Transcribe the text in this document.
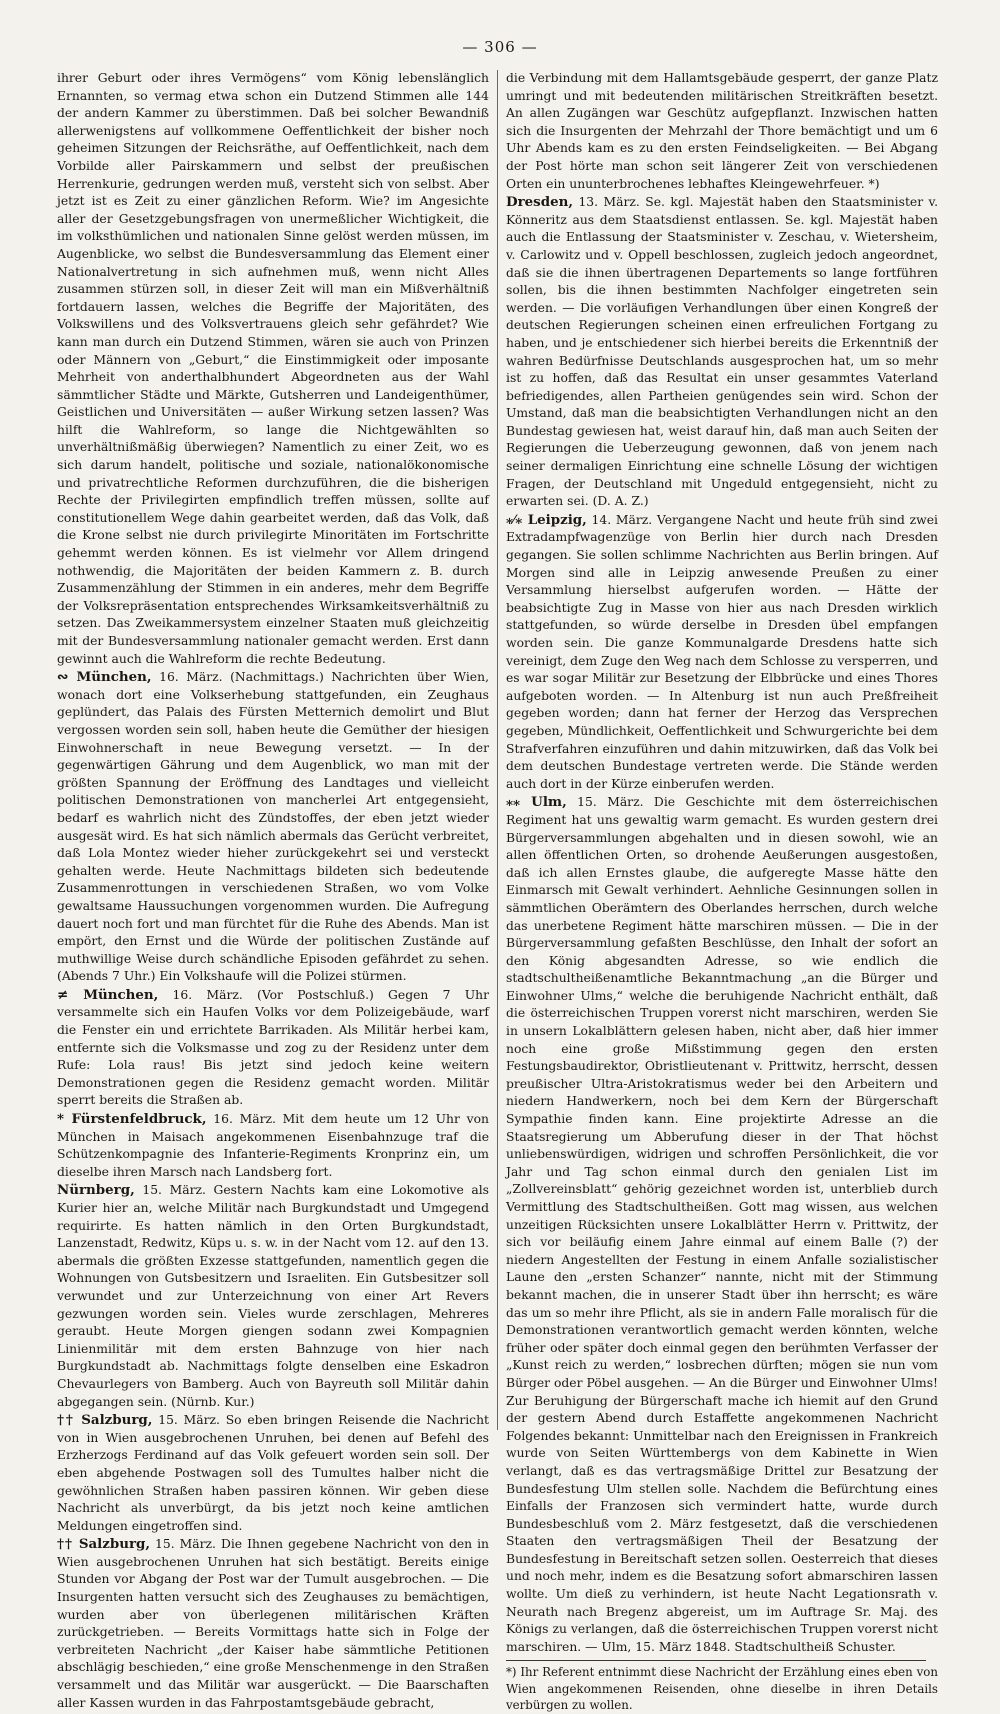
— 306 —

ihrer Geburt oder ihres Vermögens“ vom König lebenslänglich Ernannten, so vermag etwa schon ein Dutzend Stimmen alle 144 der andern Kammer zu überstimmen. Daß bei solcher Bewandniß allerwenigstens auf vollkommene Oeffentlichkeit der bisher noch geheimen Sitzungen der Reichsräthe, auf Oeffentlichkeit, nach dem Vorbilde aller Pairskammern und selbst der preußischen Herrenkurie, gedrungen werden muß, versteht sich von selbst. Aber jetzt ist es Zeit zu einer gänzlichen Reform. Wie? im Angesichte aller der Gesetzgebungsfragen von unermeßlicher Wichtigkeit, die im volksthümlichen und nationalen Sinne gelöst werden müssen, im Augenblicke, wo selbst die Bundesversammlung das Element einer Nationalvertretung in sich aufnehmen muß, wenn nicht Alles zusammen stürzen soll, in dieser Zeit will man ein Mißverhältniß fortdauern lassen, welches die Begriffe der Majoritäten, des Volkswillens und des Volksvertrauens gleich sehr gefährdet? Wie kann man durch ein Dutzend Stimmen, wären sie auch von Prinzen oder Männern von „Geburt,“ die Einstimmigkeit oder imposante Mehrheit von anderthalbhundert Abgeordneten aus der Wahl sämmtlicher Städte und Märkte, Gutsherren und Landeigenthümer, Geistlichen und Universitäten — außer Wirkung setzen lassen? Was hilft die Wahlreform, so lange die Nichtgewählten so unverhältnißmäßig überwiegen? Namentlich zu einer Zeit, wo es sich darum handelt, politische und soziale, nationalökonomische und privatrechtliche Reformen durchzuführen, die die bisherigen Rechte der Privilegirten empfindlich treffen müssen, sollte auf constitutionellem Wege dahin gearbeitet werden, daß das Volk, daß die Krone selbst nie durch privilegirte Minoritäten im Fortschritte gehemmt werden können. Es ist vielmehr vor Allem dringend nothwendig, die Majoritäten der beiden Kammern z. B. durch Zusammenzählung der Stimmen in ein anderes, mehr dem Begriffe der Volksrepräsentation entsprechendes Wirksamkeitsverhältniß zu setzen. Das Zweikammersystem einzelner Staaten muß gleichzeitig mit der Bundesversammlung nationaler gemacht werden. Erst dann gewinnt auch die Wahlreform die rechte Bedeutung.

∾ München, 16. März. (Nachmittags.) Nachrichten über Wien, wonach dort eine Volkserhebung stattgefunden, ein Zeughaus geplündert, das Palais des Fürsten Metternich demolirt und Blut vergossen worden sein soll, haben heute die Gemüther der hiesigen Einwohnerschaft in neue Bewegung versetzt. — In der gegenwärtigen Gährung und dem Augenblick, wo man mit der größten Spannung der Eröffnung des Landtages und vielleicht politischen Demonstrationen von mancherlei Art entgegensieht, bedarf es wahrlich nicht des Zündstoffes, der eben jetzt wieder ausgesät wird. Es hat sich nämlich abermals das Gerücht verbreitet, daß Lola Montez wieder hieher zurückgekehrt sei und versteckt gehalten werde. Heute Nachmittags bildeten sich bedeutende Zusammenrottungen in verschiedenen Straßen, wo vom Volke gewaltsame Haussuchungen vorgenommen wurden. Die Aufregung dauert noch fort und man fürchtet für die Ruhe des Abends. Man ist empört, den Ernst und die Würde der politischen Zustände auf muthwillige Weise durch schändliche Episoden gefährdet zu sehen. (Abends 7 Uhr.) Ein Volkshaufe will die Polizei stürmen.

≠ München, 16. März. (Vor Postschluß.) Gegen 7 Uhr versammelte sich ein Haufen Volks vor dem Polizeigebäude, warf die Fenster ein und errichtete Barrikaden. Als Militär herbei kam, entfernte sich die Volksmasse und zog zu der Residenz unter dem Rufe: Lola raus! Bis jetzt sind jedoch keine weitern Demonstrationen gegen die Residenz gemacht worden. Militär sperrt bereits die Straßen ab.

* Fürstenfeldbruck, 16. März. Mit dem heute um 12 Uhr von München in Maisach angekommenen Eisenbahnzuge traf die Schützenkompagnie des Infanterie-Regiments Kronprinz ein, um dieselbe ihren Marsch nach Landsberg fort.

Nürnberg, 15. März. Gestern Nachts kam eine Lokomotive als Kurier hier an, welche Militär nach Burgkundstadt und Umgegend requirirte. Es hatten nämlich in den Orten Burgkundstadt, Lanzenstadt, Redwitz, Küps u. s. w. in der Nacht vom 12. auf den 13. abermals die größten Exzesse stattgefunden, namentlich gegen die Wohnungen von Gutsbesitzern und Israeliten. Ein Gutsbesitzer soll verwundet und zur Unterzeichnung von einer Art Revers gezwungen worden sein. Vieles wurde zerschlagen, Mehreres geraubt. Heute Morgen giengen sodann zwei Kompagnien Linienmilitär mit dem ersten Bahnzuge von hier nach Burgkundstadt ab. Nachmittags folgte denselben eine Eskadron Chevaurlegers von Bamberg. Auch von Bayreuth soll Militär dahin abgegangen sein. (Nürnb. Kur.)

†† Salzburg, 15. März. So eben bringen Reisende die Nachricht von in Wien ausgebrochenen Unruhen, bei denen auf Befehl des Erzherzogs Ferdinand auf das Volk gefeuert worden sein soll. Der eben abgehende Postwagen soll des Tumultes halber nicht die gewöhnlichen Straßen haben passiren können. Wir geben diese Nachricht als unverbürgt, da bis jetzt noch keine amtlichen Meldungen eingetroffen sind.

†† Salzburg, 15. März. Die Ihnen gegebene Nachricht von den in Wien ausgebrochenen Unruhen hat sich bestätigt. Bereits einige Stunden vor Abgang der Post war der Tumult ausgebrochen. — Die Insurgenten hatten versucht sich des Zeughauses zu bemächtigen, wurden aber von überlegenen militärischen Kräften zurückgetrieben. — Bereits Vormittags hatte sich in Folge der verbreiteten Nachricht „der Kaiser habe sämmtliche Petitionen abschlägig beschieden,“ eine große Menschenmenge in den Straßen versammelt und das Militär war ausgerückt. — Die Baarschaften aller Kassen wurden in das Fahrpostamtsgebäude gebracht,

die Verbindung mit dem Hallamtsgebäude gesperrt, der ganze Platz umringt und mit bedeutenden militärischen Streitkräften besetzt. An allen Zugängen war Geschütz aufgepflanzt. Inzwischen hatten sich die Insurgenten der Mehrzahl der Thore bemächtigt und um 6 Uhr Abends kam es zu den ersten Feindseligkeiten. — Bei Abgang der Post hörte man schon seit längerer Zeit von verschiedenen Orten ein ununterbrochenes lebhaftes Kleingewehrfeuer. *)

Dresden, 13. März. Se. kgl. Majestät haben den Staatsminister v. Könneritz aus dem Staatsdienst entlassen. Se. kgl. Majestät haben auch die Entlassung der Staatsminister v. Zeschau, v. Wietersheim, v. Carlowitz und v. Oppell beschlossen, zugleich jedoch angeordnet, daß sie die ihnen übertragenen Departements so lange fortführen sollen, bis die ihnen bestimmten Nachfolger eingetreten sein werden. — Die vorläufigen Verhandlungen über einen Kongreß der deutschen Regierungen scheinen einen erfreulichen Fortgang zu haben, und je entschiedener sich hierbei bereits die Erkenntniß der wahren Bedürfnisse Deutschlands ausgesprochen hat, um so mehr ist zu hoffen, daß das Resultat ein unser gesammtes Vaterland befriedigendes, allen Partheien genügendes sein wird. Schon der Umstand, daß man die beabsichtigten Verhandlungen nicht an den Bundestag gewiesen hat, weist darauf hin, daß man auch Seiten der Regierungen die Ueberzeugung gewonnen, daß von jenem nach seiner dermaligen Einrichtung eine schnelle Lösung der wichtigen Fragen, der Deutschland mit Ungeduld entgegensieht, nicht zu erwarten sei. (D. A. Z.)

⁎⁄⁎ Leipzig, 14. März. Vergangene Nacht und heute früh sind zwei Extradampfwagenzüge von Berlin hier durch nach Dresden gegangen. Sie sollen schlimme Nachrichten aus Berlin bringen. Auf Morgen sind alle in Leipzig anwesende Preußen zu einer Versammlung hierselbst aufgerufen worden. — Hätte der beabsichtigte Zug in Masse von hier aus nach Dresden wirklich stattgefunden, so würde derselbe in Dresden übel empfangen worden sein. Die ganze Kommunalgarde Dresdens hatte sich vereinigt, dem Zuge den Weg nach dem Schlosse zu versperren, und es war sogar Militär zur Besetzung der Elbbrücke und eines Thores aufgeboten worden. — In Altenburg ist nun auch Preßfreiheit gegeben worden; dann hat ferner der Herzog das Versprechen gegeben, Mündlichkeit, Oeffentlichkeit und Schwurgerichte bei dem Strafverfahren einzuführen und dahin mitzuwirken, daß das Volk bei dem deutschen Bundestage vertreten werde. Die Stände werden auch dort in der Kürze einberufen werden.

⁎⁎ Ulm, 15. März. Die Geschichte mit dem österreichischen Regiment hat uns gewaltig warm gemacht. Es wurden gestern drei Bürgerversammlungen abgehalten und in diesen sowohl, wie an allen öffentlichen Orten, so drohende Aeußerungen ausgestoßen, daß ich allen Ernstes glaube, die aufgeregte Masse hätte den Einmarsch mit Gewalt verhindert. Aehnliche Gesinnungen sollen in sämmtlichen Oberämtern des Oberlandes herrschen, durch welche das unerbetene Regiment hätte marschiren müssen. — Die in der Bürgerversammlung gefaßten Beschlüsse, den Inhalt der sofort an den König abgesandten Adresse, so wie endlich die stadtschultheißenamtliche Bekanntmachung „an die Bürger und Einwohner Ulms,“ welche die beruhigende Nachricht enthält, daß die österreichischen Truppen vorerst nicht marschiren, werden Sie in unsern Lokalblättern gelesen haben, nicht aber, daß hier immer noch eine große Mißstimmung gegen den ersten Festungsbaudirektor, Obristlieutenant v. Prittwitz, herrscht, dessen preußischer Ultra-Aristokratismus weder bei den Arbeitern und niedern Handwerkern, noch bei dem Kern der Bürgerschaft Sympathie finden kann. Eine projektirte Adresse an die Staatsregierung um Abberufung dieser in der That höchst unliebenswürdigen, widrigen und schroffen Persönlichkeit, die vor Jahr und Tag schon einmal durch den genialen List im „Zollvereinsblatt“ gehörig gezeichnet worden ist, unterblieb durch Vermittlung des Stadtschultheißen. Gott mag wissen, aus welchen unzeitigen Rücksichten unsere Lokalblätter Herrn v. Prittwitz, der sich vor beiläufig einem Jahre einmal auf einem Balle (?) der niedern Angestellten der Festung in einem Anfalle sozialistischer Laune den „ersten Schanzer“ nannte, nicht mit der Stimmung bekannt machen, die in unserer Stadt über ihn herrscht; es wäre das um so mehr ihre Pflicht, als sie in andern Falle moralisch für die Demonstrationen verantwortlich gemacht werden könnten, welche früher oder später doch einmal gegen den berühmten Verfasser der „Kunst reich zu werden,“ losbrechen dürften; mögen sie nun vom Bürger oder Pöbel ausgehen. — An die Bürger und Einwohner Ulms! Zur Beruhigung der Bürgerschaft mache ich hiemit auf den Grund der gestern Abend durch Estaffette angekommenen Nachricht Folgendes bekannt: Unmittelbar nach den Ereignissen in Frankreich wurde von Seiten Württembergs von dem Kabinette in Wien verlangt, daß es das vertragsmäßige Drittel zur Besatzung der Bundesfestung Ulm stellen solle. Nachdem die Befürchtung eines Einfalls der Franzosen sich vermindert hatte, wurde durch Bundesbeschluß vom 2. März festgesetzt, daß die verschiedenen Staaten den vertragsmäßigen Theil der Besatzung der Bundesfestung in Bereitschaft setzen sollen. Oesterreich that dieses und noch mehr, indem es die Besatzung sofort abmarschiren lassen wollte. Um dieß zu verhindern, ist heute Nacht Legationsrath v. Neurath nach Bregenz abgereist, um im Auftrage Sr. Maj. des Königs zu verlangen, daß die österreichischen Truppen vorerst nicht marschiren. — Ulm, 15. März 1848. Stadtschultheiß Schuster.

*) Ihr Referent entnimmt diese Nachricht der Erzählung eines eben von Wien angekommenen Reisenden, ohne dieselbe in ihren Details verbürgen zu wollen.
